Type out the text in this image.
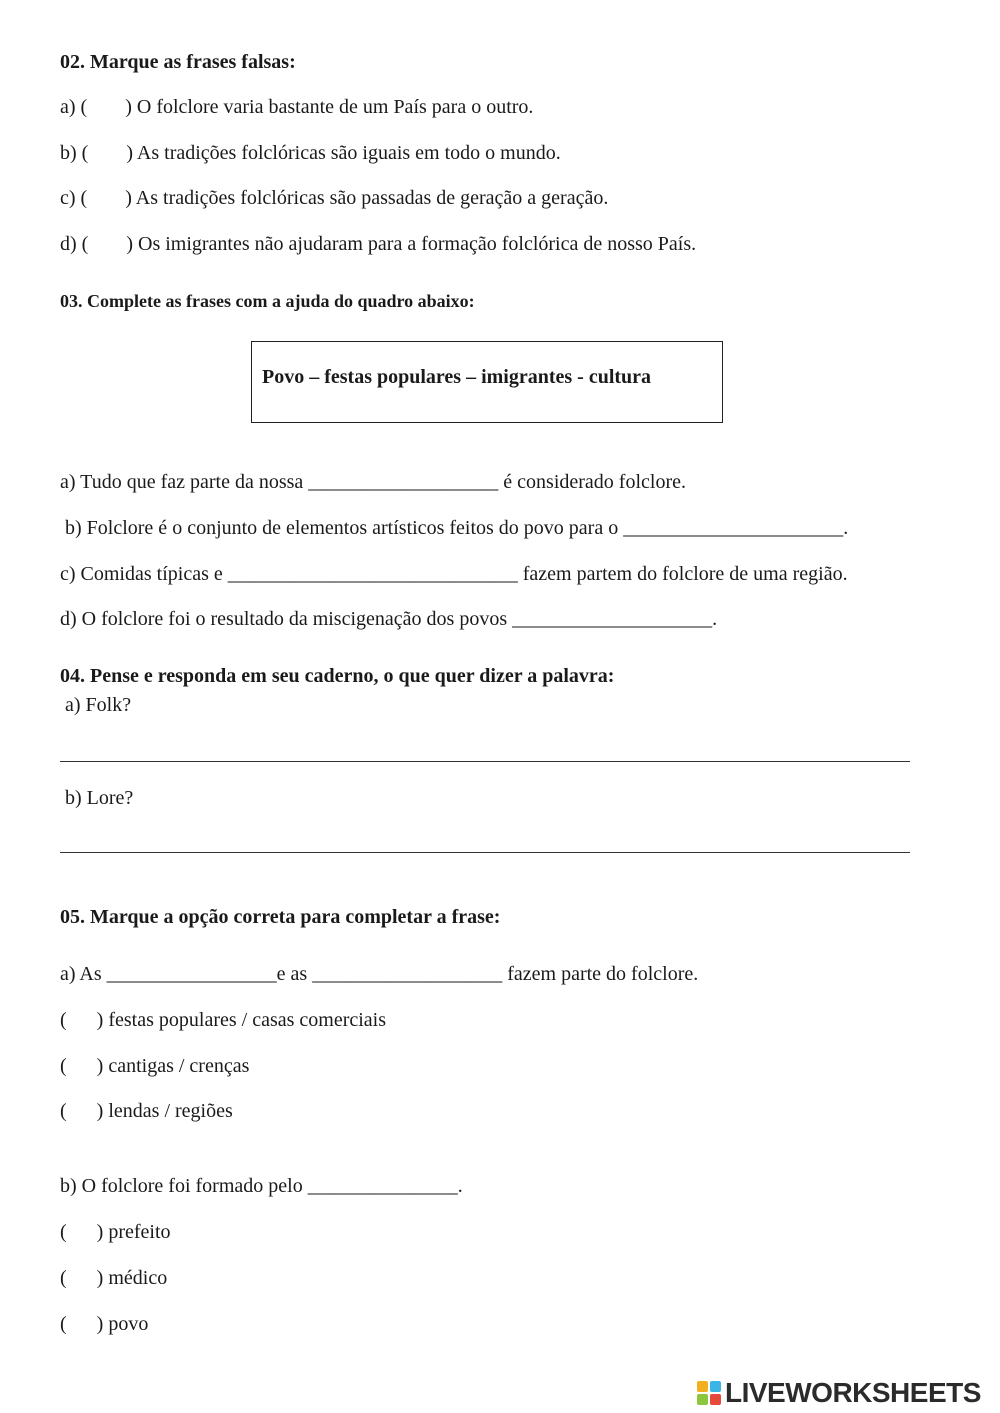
02. Marque as frases falsas:
a) ( ) O folclore varia bastante de um País para o outro.
b) ( ) As tradições folclóricas são iguais em todo o mundo.
c) ( ) As tradições folclóricas são passadas de geração a geração.
d) ( ) Os imigrantes não ajudaram para a formação folclórica de nosso País.
03. Complete as frases com a ajuda do quadro abaixo:
Povo – festas populares – imigrantes - cultura
a) Tudo que faz parte da nossa ___________________ é considerado folclore.
b) Folclore é o conjunto de elementos artísticos feitos do povo para o ______________________.
c) Comidas típicas e _____________________________ fazem partem do folclore de uma região.
d) O folclore foi o resultado da miscigenação dos povos ____________________.
04. Pense e responda em seu caderno, o que quer dizer a palavra:
a) Folk?
b) Lore?
05. Marque a opção correta para completar a frase:
a) As _________________e as ___________________ fazem parte do folclore.
( ) festas populares / casas comerciais
( ) cantigas / crenças
( ) lendas / regiões
b) O folclore foi formado pelo _______________.
( ) prefeito
( ) médico
( ) povo
LIVEWORKSHEETS
